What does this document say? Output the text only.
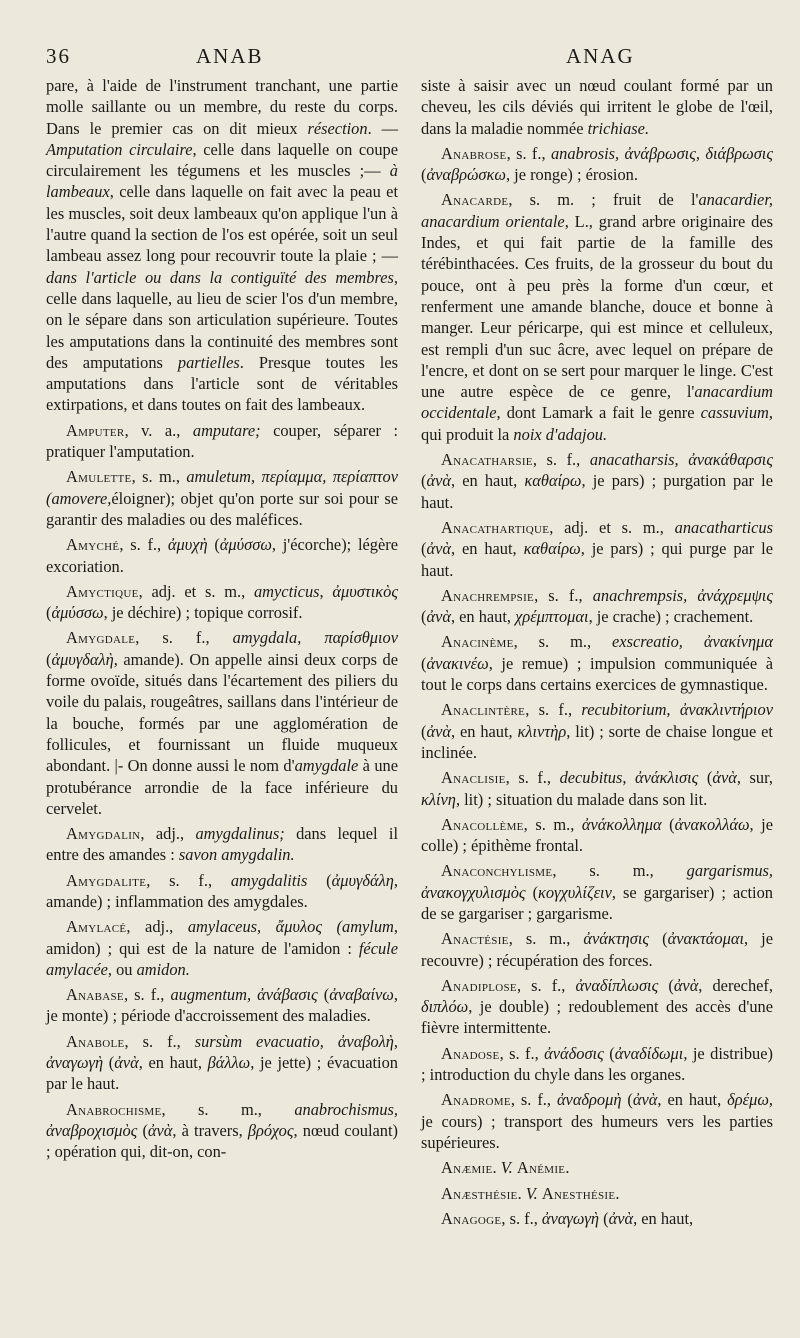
36	ANAB	ANAG

pare, à l'aide de l'instrument tranchant, une partie molle saillante ou un membre, du reste du corps. Dans le premier cas on dit mieux résection. — Amputation circulaire, celle dans laquelle on coupe circulairement les tégumens et les muscles ;— à lambeaux, celle dans laquelle on fait avec la peau et les muscles, soit deux lambeaux qu'on applique l'un à l'autre quand la section de l'os est opérée, soit un seul lambeau assez long pour recouvrir toute la plaie ; — dans l'article ou dans la contiguïté des membres, celle dans laquelle, au lieu de scier l'os d'un membre, on le sépare dans son articulation supérieure. Toutes les amputations dans la continuité des membres sont des amputations partielles. Presque toutes les amputations dans l'article sont de véritables extirpations, et dans toutes on fait des lambeaux.

Amputer, v. a., amputare; couper, séparer : pratiquer l'amputation.

Amulette, s. m., amuletum, περίαμμα, περίαπτον (amovere,éloigner); objet qu'on porte sur soi pour se garantir des maladies ou des maléfices.

Amyché, s. f., ἀμυχὴ (ἀμύσσω, j'écorche); légère excoriation.

Amyctique, adj. et s. m., amycticus, ἀμυστικὸς (ἀμύσσω, je déchire) ; topique corrosif.

Amygdale, s. f., amygdala, παρίσθμιον (ἀμυγδαλὴ, amande). On appelle ainsi deux corps de forme ovoïde, situés dans l'écartement des piliers du voile du palais, rougeâtres, saillans dans l'intérieur de la bouche, formés par une agglomération de follicules, et fournissant un fluide muqueux abondant. |- On donne aussi le nom d'amygdale à une protubérance arrondie de la face inférieure du cervelet.

Amygdalin, adj., amygdalinus; dans lequel il entre des amandes : savon amygdalin.

Amygdalite, s. f., amygdalitis (ἀμυγδάλη, amande) ; inflammation des amygdales.

Amylacé, adj., amylaceus, ἄμυλος (amylum, amidon) ; qui est de la nature de l'amidon : fécule amylacée, ou amidon.

Anabase, s. f., augmentum, ἀνάβασις (ἀναβαίνω, je monte) ; période d'accroissement des maladies.

Anabole, s. f., sursùm evacuatio, ἀναβολὴ, ἀναγωγὴ (ἀνὰ, en haut, βάλλω, je jette) ; évacuation par le haut.

Anabrochisme, s. m., anabrochismus, ἀναβροχισμὸς (ἀνὰ, à travers, βρόχος, nœud coulant) ; opération qui, dit-on, con-

siste à saisir avec un nœud coulant formé par un cheveu, les cils déviés qui irritent le globe de l'œil, dans la maladie nommée trichiase.

Anabrose, s. f., anabrosis, ἀνάβρωσις, διάβρωσις (ἀναβρώσκω, je ronge) ; érosion.

Anacarde, s. m. ; fruit de l'anacardier, anacardium orientale, L., grand arbre originaire des Indes, et qui fait partie de la famille des térébinthacées. Ces fruits, de la grosseur du bout du pouce, ont à peu près la forme d'un cœur, et renferment une amande blanche, douce et bonne à manger. Leur péricarpe, qui est mince et celluleux, est rempli d'un suc âcre, avec lequel on prépare de l'encre, et dont on se sert pour marquer le linge. C'est une autre espèce de ce genre, l'anacardium occidentale, dont Lamark a fait le genre cassuvium, qui produit la noix d'adajou.

Anacatharsie, s. f., anacatharsis, ἀνακάθαρσις (ἀνὰ, en haut, καθαίρω, je pars) ; purgation par le haut.

Anacathartique, adj. et s. m., anacatharticus (ἀνὰ, en haut, καθαίρω, je pars) ; qui purge par le haut.

Anachrempsie, s. f., anachrempsis, ἀνάχρεμψις (ἀνὰ, en haut, χρέμπτομαι, je crache) ; crachement.

Anacinème, s. m., exscreatio, ἀνακίνημα (ἀνακινέω, je remue) ; impulsion communiquée à tout le corps dans certains exercices de gymnastique.

Anaclintère, s. f., recubitorium, ἀνακλιντήριον (ἀνὰ, en haut, κλιντὴρ, lit) ; sorte de chaise longue et inclinée.

Anaclisie, s. f., decubitus, ἀνάκλισις (ἀνὰ, sur, κλίνη, lit) ; situation du malade dans son lit.

Anacollème, s. m., ἀνάκολλημα (ἀνακολλάω, je colle) ; épithème frontal.

Anaconchylisme, s. m., gargarismus, ἀνακογχυλισμὸς (κογχυλίζειν, se gargariser) ; action de se gargariser ; gargarisme.

Anactésie, s. m., ἀνάκτησις (ἀνακτάομαι, je recouvre) ; récupération des forces.

Anadiplose, s. f., ἀναδίπλωσις (ἀνὰ, derechef, διπλόω, je double) ; redoublement des accès d'une fièvre intermittente.

Anadose, s. f., ἀνάδοσις (ἀναδίδωμι, je distribue) ; introduction du chyle dans les organes.

Anadrome, s. f., ἀναδρομὴ (ἀνὰ, en haut, δρέμω, je cours) ; transport des humeurs vers les parties supérieures.

Anæmie. V. Anémie.

Anæsthésie. V. Anesthésie.

Anagoge, s. f., ἀναγωγὴ (ἀνὰ, en haut,
